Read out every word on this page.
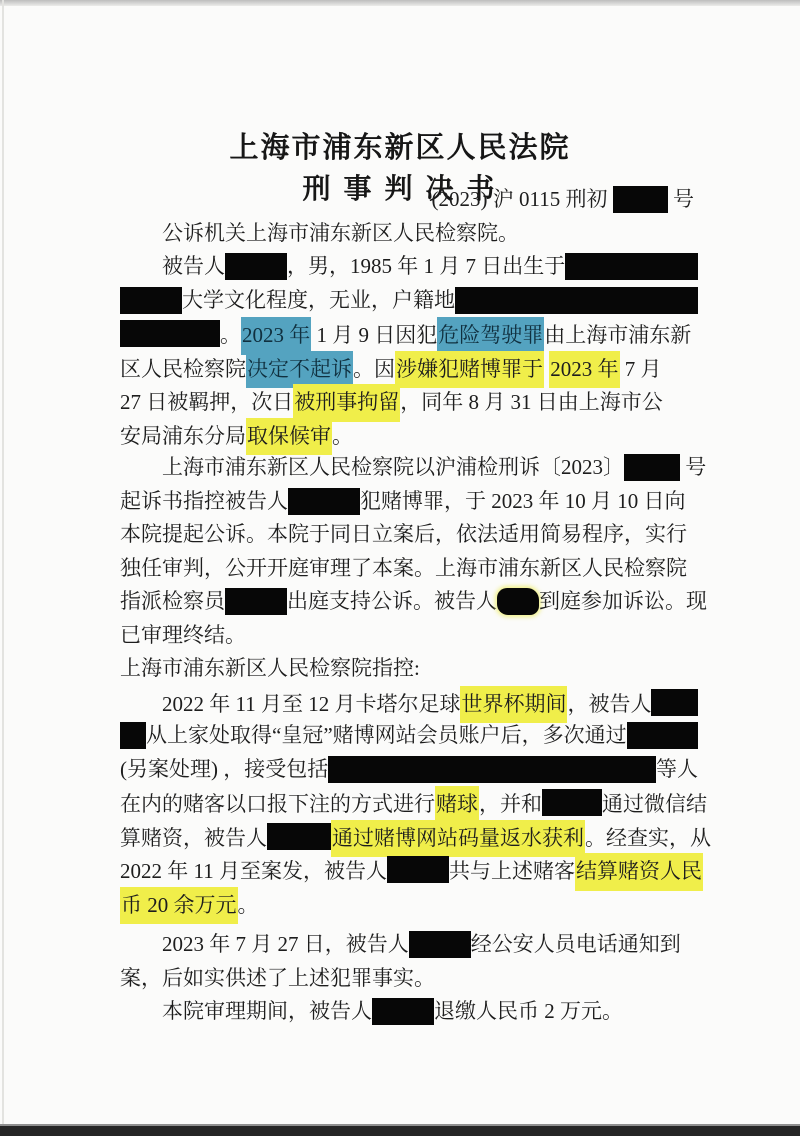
上海市浦东新区人民法院
刑 事 判 决 书
(2023) 沪 0115 刑初	号
公诉机关上海市浦东新区人民检察院。
被告人	，男，1985 年 1 月 7 日出生于
大学文化程度，无业，户籍地
。 2023 年 1 月 9 日因犯 危险驾驶罪 由上海市浦东新
区人民检察院 决定不起诉 。因 涉嫌犯赌博罪于
2023 年 7 月
27 日被羁押，次日 被刑事拘留 ，同年 8 月 31 日由上海市公
安局浦东分局 取保候审 。
上海市浦东新区人民检察院以沪浦检刑诉〔2023〕	号
起诉书指控被告人	犯赌博罪，于 2023 年 10 月 10 日向
本院提起公诉。本院于同日立案后，依法适用简易程序，实行
独任审判，公开开庭审理了本案。上海市浦东新区人民检察院
指派检察员	出庭支持公诉。被告人 到庭参加诉讼。现
已审理终结。
上海市浦东新区人民检察院指控:
2022 年 11 月至 12 月卡塔尔足球 世界杯期间 ，被告人
从上家处取得“皇冠”赌博网站会员账户后，多次通过
(另案处理) ，接受包括	等人
在内的赌客以口报下注的方式进行 赌球 ，并和	通过微信结
算赌资，被告人	通过赌博网站码量返水获利 。经查实，从
2022 年 11 月至案发，被告人	共与上述赌客 结算赌资人民
币 20 余万元 。
2023 年 7 月 27 日，被告人	经公安人员电话通知到
案，后如实供述了上述犯罪事实。
本院审理期间，被告人	退缴人民币 2 万元。
